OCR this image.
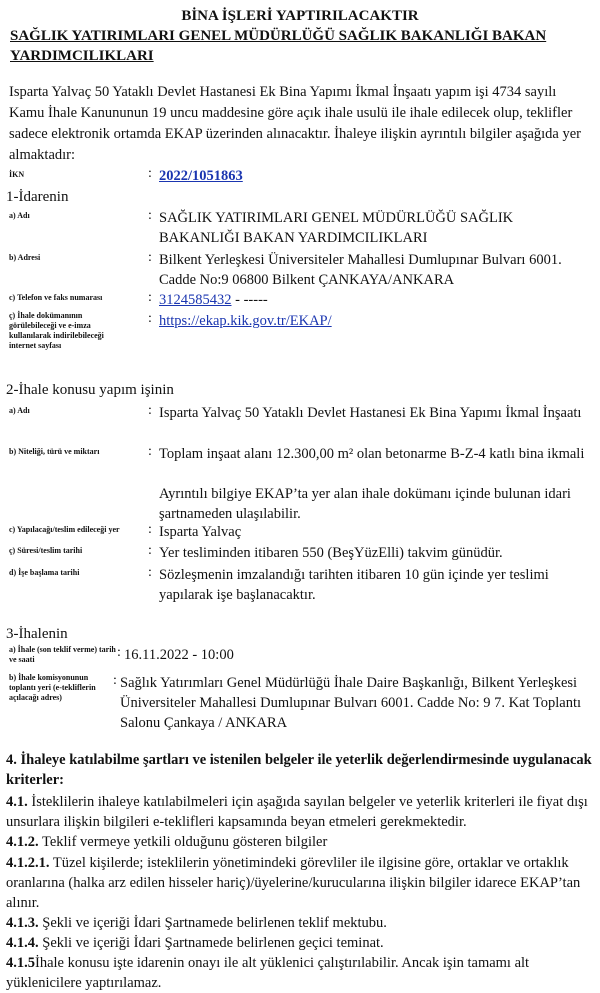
BİNA İŞLERİ YAPTIRILACAKTIR
SAĞLIK YATIRIMLARI GENEL MÜDÜRLÜĞÜ SAĞLIK BAKANLIĞI BAKAN
YARDIMCILIKLARI
Isparta Yalvaç 50 Yataklı Devlet Hastanesi Ek Bina Yapımı İkmal İnşaatı yapım işi 4734 sayılı Kamu İhale Kanununun 19 uncu maddesine göre açık ihale usulü ile ihale edilecek olup, teklifler sadece elektronik ortamda EKAP üzerinden alınacaktır. İhaleye ilişkin ayrıntılı bilgiler aşağıda yer almaktadır:
İKN	: 2022/1051863
1-İdarenin
a) Adı	: SAĞLIK YATIRIMLARI GENEL MÜDÜRLÜĞÜ SAĞLIK BAKANLIĞI BAKAN YARDIMCILIKLARI
b) Adresi	: Bilkent Yerleşkesi Üniversiteler Mahallesi Dumlupınar Bulvarı 6001. Cadde No:9 06800 Bilkent ÇANKAYA/ANKARA
c) Telefon ve faks numarası	: 3124585432 - -----
ç) İhale dokümanının görülebileceği ve e-imza kullanılarak indirilebileceği internet sayfası
: https://ekap.kik.gov.tr/EKAP/
2-İhale konusu yapım işinin
a) Adı	: Isparta Yalvaç 50 Yataklı Devlet Hastanesi Ek Bina Yapımı İkmal İnşaatı
b) Niteliği, türü ve miktarı	: Toplam inşaat alanı 12.300,00 m² olan betonarme B-Z-4 katlı bina ikmali
Ayrıntılı bilgiye EKAP’ta yer alan ihale dokümanı içinde bulunan idari şartnameden ulaşılabilir.
c) Yapılacağı/teslim edileceği yer : Isparta Yalvaç
ç) Süresi/teslim tarihi	: Yer tesliminden itibaren 550 (BeşYüzElli) takvim günüdür.
d) İşe başlama tarihi	: Sözleşmenin imzalandığı tarihten itibaren 10 gün içinde yer teslimi yapılarak işe başlanacaktır.
3-İhalenin
a) İhale (son teklif verme) tarih ve saati	: 16.11.2022 - 10:00
b) İhale komisyonunun toplantı yeri (e-tekliflerin açılacağı adres)
: Sağlık Yatırımları Genel Müdürlüğü İhale Daire Başkanlığı, Bilkent Yerleşkesi Üniversiteler Mahallesi Dumlupınar Bulvarı 6001. Cadde No: 9 7. Kat Toplantı Salonu Çankaya / ANKARA
4. İhaleye katılabilme şartları ve istenilen belgeler ile yeterlik değerlendirmesinde uygulanacak kriterler:
4.1. İsteklilerin ihaleye katılabilmeleri için aşağıda sayılan belgeler ve yeterlik kriterleri ile fiyat dışı unsurlara ilişkin bilgileri e-teklifleri kapsamında beyan etmeleri gerekmektedir.
4.1.2. Teklif vermeye yetkili olduğunu gösteren bilgiler
4.1.2.1. Tüzel kişilerde; isteklilerin yönetimindeki görevliler ile ilgisine göre, ortaklar ve ortaklık oranlarına (halka arz edilen hisseler hariç)/üyelerine/kurucularına ilişkin bilgiler idarece EKAP’tan alınır.
4.1.3. Şekli ve içeriği İdari Şartnamede belirlenen teklif mektubu.
4.1.4. Şekli ve içeriği İdari Şartnamede belirlenen geçici teminat.
4.1.5İhale konusu işte idarenin onayı ile alt yüklenici çalıştırılabilir. Ancak işin tamamı alt yüklenicilere yaptırılamaz.
